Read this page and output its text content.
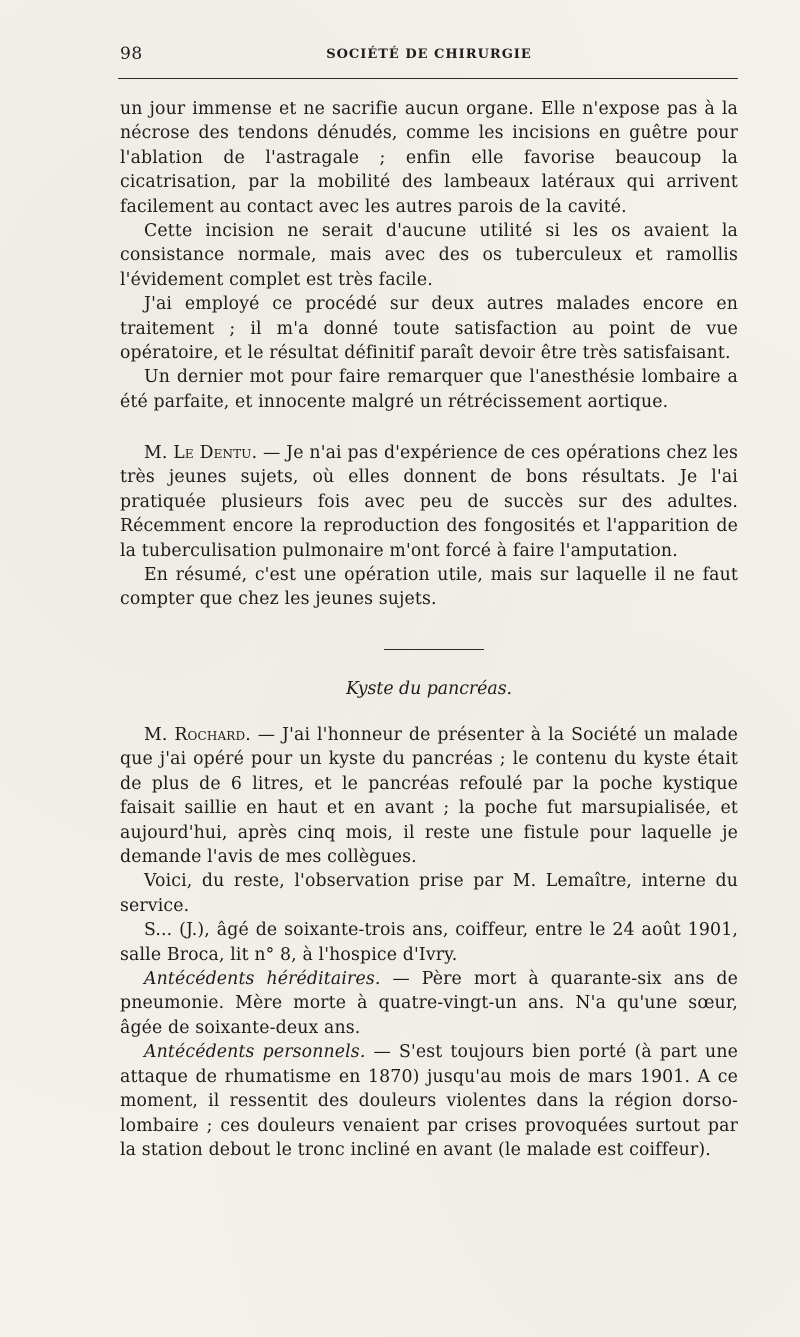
98	SOCIÉTÉ DE CHIRURGIE

un jour immense et ne sacrifie aucun organe. Elle n'expose pas à la nécrose des tendons dénudés, comme les incisions en guêtre pour l'ablation de l'astragale ; enfin elle favorise beaucoup la cicatrisation, par la mobilité des lambeaux latéraux qui arrivent facilement au contact avec les autres parois de la cavité.

Cette incision ne serait d'aucune utilité si les os avaient la consistance normale, mais avec des os tuberculeux et ramollis l'évidement complet est très facile.

J'ai employé ce procédé sur deux autres malades encore en traitement ; il m'a donné toute satisfaction au point de vue opératoire, et le résultat définitif paraît devoir être très satisfaisant.

Un dernier mot pour faire remarquer que l'anesthésie lombaire a été parfaite, et innocente malgré un rétrécissement aortique.

M. Le Dentu. — Je n'ai pas d'expérience de ces opérations chez les très jeunes sujets, où elles donnent de bons résultats. Je l'ai pratiquée plusieurs fois avec peu de succès sur des adultes. Récemment encore la reproduction des fongosités et l'apparition de la tuberculisation pulmonaire m'ont forcé à faire l'amputation.

En résumé, c'est une opération utile, mais sur laquelle il ne faut compter que chez les jeunes sujets.

Kyste du pancréas.

M. Rochard. — J'ai l'honneur de présenter à la Société un malade que j'ai opéré pour un kyste du pancréas ; le contenu du kyste était de plus de 6 litres, et le pancréas refoulé par la poche kystique faisait saillie en haut et en avant ; la poche fut marsupialisée, et aujourd'hui, après cinq mois, il reste une fistule pour laquelle je demande l'avis de mes collègues.

Voici, du reste, l'observation prise par M. Lemaître, interne du service.

S... (J.), âgé de soixante-trois ans, coiffeur, entre le 24 août 1901, salle Broca, lit n° 8, à l'hospice d'Ivry.

Antécédents héréditaires. — Père mort à quarante-six ans de pneumonie. Mère morte à quatre-vingt-un ans. N'a qu'une sœur, âgée de soixante-deux ans.

Antécédents personnels. — S'est toujours bien porté (à part une attaque de rhumatisme en 1870) jusqu'au mois de mars 1901. A ce moment, il ressentit des douleurs violentes dans la région dorso-lombaire ; ces douleurs venaient par crises provoquées surtout par la station debout le tronc incliné en avant (le malade est coiffeur).
